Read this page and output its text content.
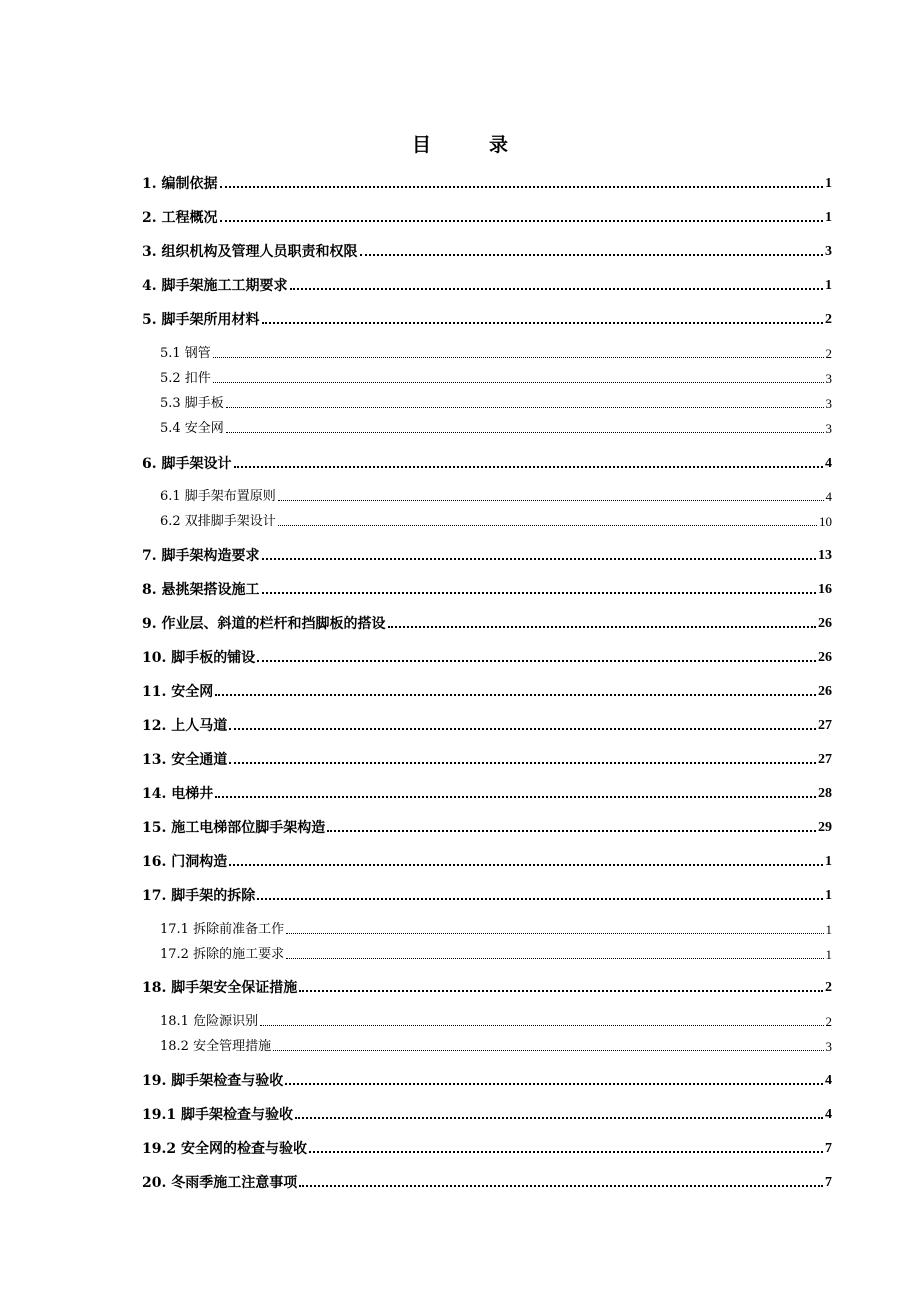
目	录
1. 编制依据	1
2. 工程概况	1
3. 组织机构及管理人员职责和权限	3
4. 脚手架施工工期要求	1
5. 脚手架所用材料	2
5.1 钢管	2
5.2 扣件	3
5.3 脚手板	3
5.4 安全网	3
6. 脚手架设计	4
6.1 脚手架布置原则	4
6.2 双排脚手架设计	10
7. 脚手架构造要求	13
8. 悬挑架搭设施工	16
9. 作业层、斜道的栏杆和挡脚板的搭设	26
10. 脚手板的铺设	26
11. 安全网	26
12. 上人马道	27
13. 安全通道	27
14. 电梯井	28
15. 施工电梯部位脚手架构造	29
16. 门洞构造	1
17. 脚手架的拆除	1
17.1 拆除前准备工作	1
17.2 拆除的施工要求	1
18. 脚手架安全保证措施	2
18.1 危险源识别	2
18.2 安全管理措施	3
19. 脚手架检查与验收	4
19.1 脚手架检查与验收	4
19.2 安全网的检查与验收	7
20. 冬雨季施工注意事项	7
